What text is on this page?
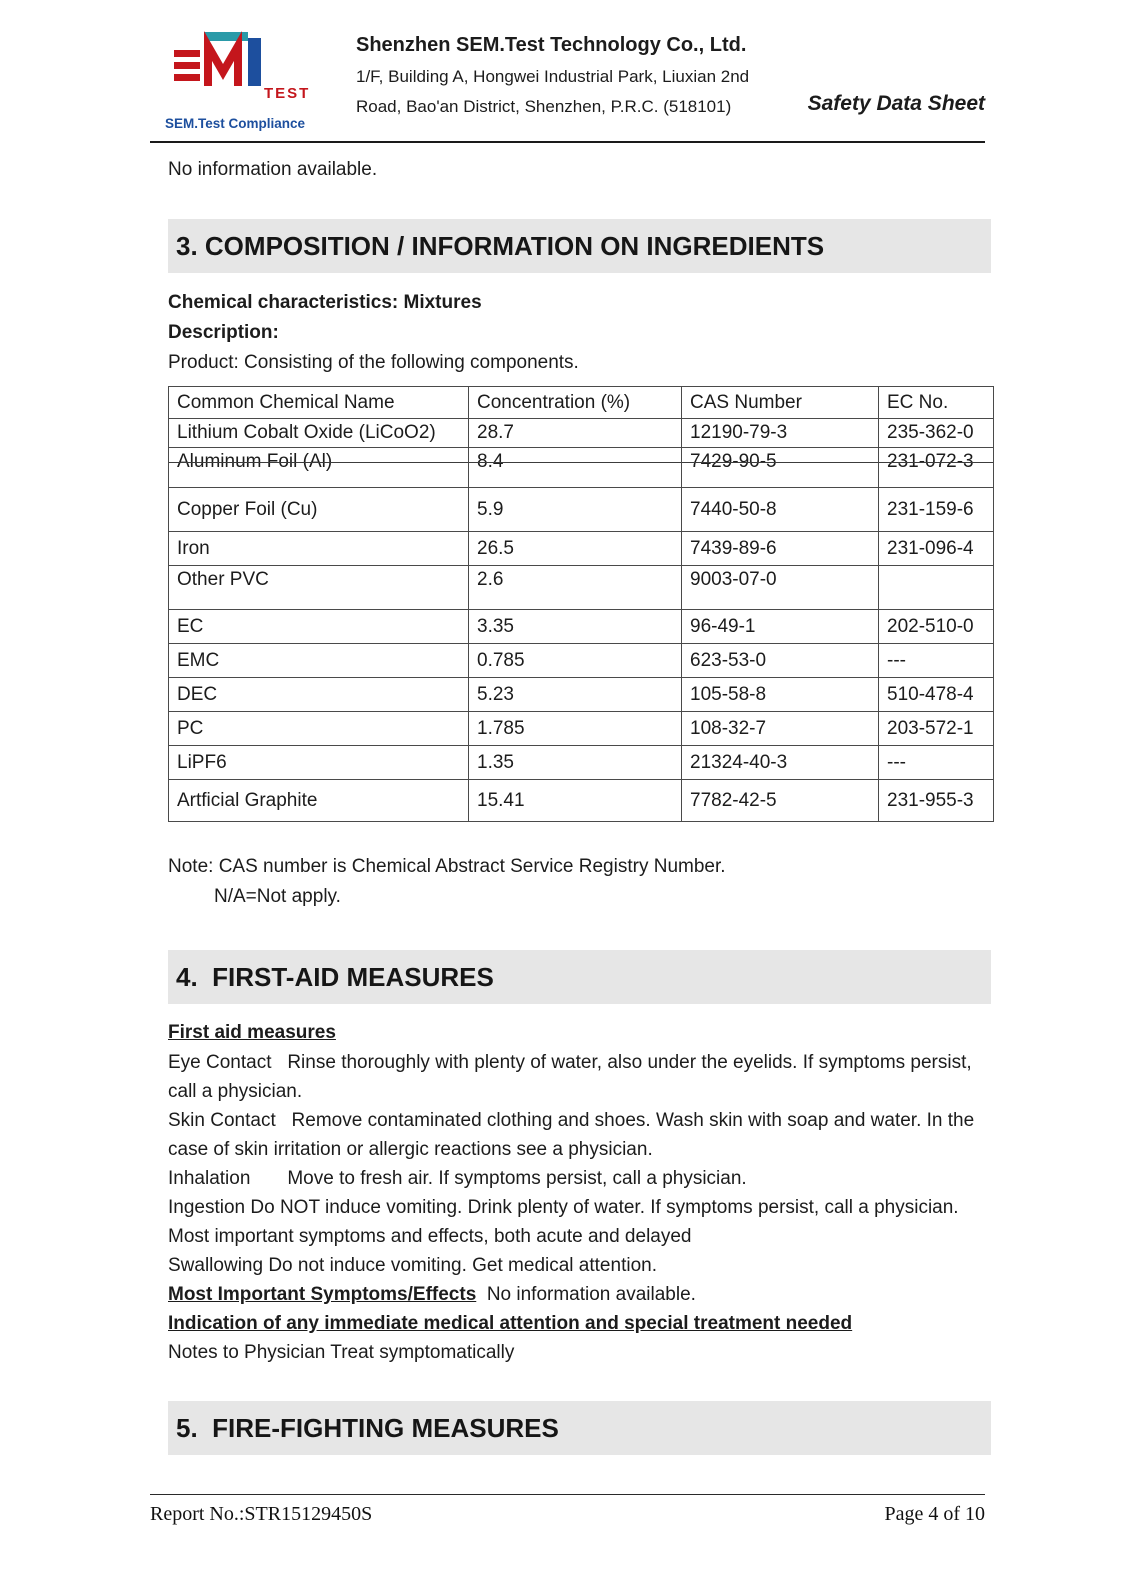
TEST
SEM.Test Compliance
Shenzhen SEM.Test Technology Co., Ltd.
1/F, Building A, Hongwei Industrial Park, Liuxian 2nd
Road, Bao'an District, Shenzhen, P.R.C. (518101)	Safety Data Sheet

No information available.

3. COMPOSITION / INFORMATION ON INGREDIENTS

Chemical characteristics: Mixtures

Description:

Product: Consisting of the following components.

Common Chemical Name	Concentration (%)	CAS Number	EC No.
Lithium Cobalt Oxide (LiCoO2)	28.7	12190-79-3	235-362-0
Aluminum Foil (Al)	8.4	7429-90-5	231-072-3
Copper Foil (Cu)	5.9	7440-50-8	231-159-6
Iron	26.5	7439-89-6	231-096-4
Other PVC	2.6	9003-07-0	
EC	3.35	96-49-1	202-510-0
EMC	0.785	623-53-0	---
DEC	5.23	105-58-8	510-478-4
PC	1.785	108-32-7	203-572-1
LiPF6	1.35	21324-40-3	---
Artficial Graphite	15.41	7782-42-5	231-955-3

Note: CAS number is Chemical Abstract Service Registry Number.

N/A=Not apply.

4.  FIRST-AID MEASURES

First aid measures

Eye Contact   Rinse thoroughly with plenty of water, also under the eyelids. If symptoms persist, call a physician.

Skin Contact   Remove contaminated clothing and shoes. Wash skin with soap and water. In the case of skin irritation or allergic reactions see a physician.

Inhalation       Move to fresh air. If symptoms persist, call a physician.

Ingestion Do NOT induce vomiting. Drink plenty of water. If symptoms persist, call a physician.

Most important symptoms and effects, both acute and delayed

Swallowing Do not induce vomiting. Get medical attention.

Most Important Symptoms/Effects  No information available.

Indication of any immediate medical attention and special treatment needed

Notes to Physician Treat symptomatically

5.  FIRE-FIGHTING MEASURES
Report No.:STR15129450S	Page 4 of 10
